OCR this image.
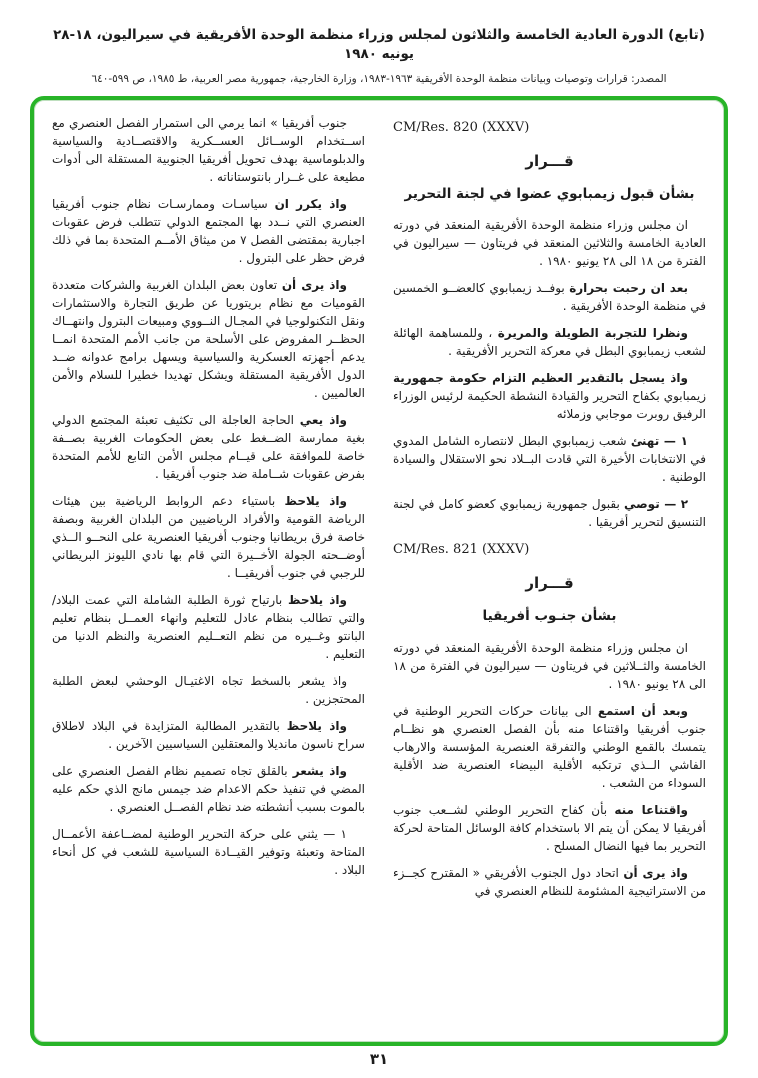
(تابع) الدورة العادية الخامسة والثلاثون لمجلس وزراء منظمة الوحدة الأفريقية في سيراليون، ١٨-٢٨ يونيه ١٩٨٠
المصدر: قرارات وتوصيات وبيانات منظمة الوحدة الأفريقية ١٩٦٣-١٩٨٣، وزارة الخارجية، جمهورية مصر العربية، ط ١٩٨٥، ص ٥٩٩-٦٤٠
CM/Res. 820 (XXXV)
قـــرار
بشأن قبول زيمبابوي عضوا في لجنة التحرير

ان مجلس وزراء منظمة الوحدة الأفريقية المنعقد في دورته العادية الخامسة والثلاثين المنعقد في فريتاون — سيراليون في الفترة من ١٨ الى ٢٨ يونيو ١٩٨٠ .

بعد ان رحبت بحرارة بوفــد زيمبابوي كالعضــو الخمسين في منظمة الوحدة الأفريقية .

ونظرا للتجربة الطويلة والمريرة ، وللمساهمة الهائلة لشعب زيمبابوي البطل في معركة التحرير الأفريقية .

واذ يسجل بالتقدير العظيم التزام حكومة جمهورية زيمبابوي بكفاح التحرير والقيادة النشطة الحكيمة لرئيس الوزراء الرفيق روبرت موجابي وزملائه

١ — تهنئ شعب زيمبابوي البطل لانتصاره الشامل المدوي في الانتخابات الأخيرة التي قادت البــلاد نحو الاستقلال والسيادة الوطنية .

٢ — توصي بقبول جمهورية زيمبابوي كعضو كامل في لجنة التنسيق لتحرير أفريقيا .

CM/Res. 821 (XXXV)
قـــرار
بشأن جنـوب أفريقيا

ان مجلس وزراء منظمة الوحدة الأفريقية المنعقد في دورته الخامسة والثــلاثين في فريتاون — سيراليون في الفترة من ١٨ الى ٢٨ يونيو ١٩٨٠ .

وبعد أن استمع الى بيانات حركات التحرير الوطنية في جنوب أفريقيا واقتناعا منه بأن الفصل العنصري هو نظــام يتمسك بالقمع الوطني والتفرقة العنصرية المؤسسة والارهاب الفاشي الــذي ترتكبه الأقلية البيضاء العنصرية ضد الأقلية السوداء من الشعب .

واقتناعا منه بأن كفاح التحرير الوطني لشــعب جنوب أفريقيا لا يمكن أن يتم الا باستخدام كافة الوسائل المتاحة لحركة التحرير بما فيها النضال المسلح .

واذ يرى أن اتحاد دول الجنوب الأفريقي « المقترح كجــزء من الاستراتيجية المشئومة للنظام العنصري في

جنوب أفريقيا » انما يرمي الى استمرار الفصل العنصري مع اســتخدام الوســائل العســكرية والاقتصــادية والسياسية والدبلوماسية بهدف تحويل أفريقيا الجنوبية المستقلة الى أدوات مطيعة على غــرار بانتوستاناته .

واذ يكرر ان سياسـات وممارسـات نظام جنوب أفريقيا العنصري التي نــدد بها المجتمع الدولي تتطلب فرض عقوبات اجبارية بمقتضى الفصل ٧ من ميثاق الأمــم المتحدة بما في ذلك فرض حظر على البترول .

واذ يرى أن تعاون بعض البلدان الغربية والشركات متعددة القوميات مع نظام بريتوريا عن طريق التجارة والاستثمارات ونقل التكنولوجيا في المجـال النــووي ومبيعات البترول وانتهــاك الحظــر المفروض على الأسلحة من جانب الأمم المتحدة انمــا يدعم أجهزته العسكرية والسياسية ويسهل برامج عدوانه ضــد الدول الأفريقية المستقلة ويشكل تهديدا خطيرا للسلام والأمن العالميين .

واذ يعي الحاجة العاجلة الى تكثيف تعبئة المجتمع الدولي بغية ممارسة الضــغط على بعض الحكومات الغربية بصــفة خاصة للموافقة على قيــام مجلس الأمن التابع للأمم المتحدة بفرض عقوبات شــاملة ضد جنوب أفريقيا .

واذ يلاحظ باستياء دعم الروابط الرياضية بين هيئات الرياضة القومية والأفراد الرياضيين من البلدان الغربية وبصفة خاصة فرق بريطانيا وجنوب أفريقيا العنصرية على النحــو الــذي أوضــحته الجولة الأخــيرة التي قام بها نادي الليونز البريطاني للرجبي في جنوب أفريقيــا .

واذ يلاحظ بارتياح ثورة الطلبة الشاملة التي عمت البلاد/والتي تطالب بنظام عادل للتعليم وانهاء العمــل بنظام تعليم البانتو وغــيره من نظم التعــليم العنصرية والنظم الدنيا من التعليم .

واذ يشعر بالسخط تجاه الاغتيـال الوحشي لبعض الطلبة المحتجزين .

واذ يلاحظ بالتقدير المطالبة المتزايدة في البلاد لاطلاق سراح ناسون مانديلا والمعتقلين السياسيين الآخرين .

واذ يشعر بالقلق تجاه تصميم نظام الفصل العنصري على المضي في تنفيذ حكم الاعدام ضد جيمس مانج الذي حكم عليه بالموت بسبب أنشطته ضد نظام الفصــل العنصري .

١ — يثني على حركة التحرير الوطنية لمضــاعفة الأعمــال المتاحة وتعبئة وتوفير القيــادة السياسية للشعب في كل أنحاء البلاد .

٣١
